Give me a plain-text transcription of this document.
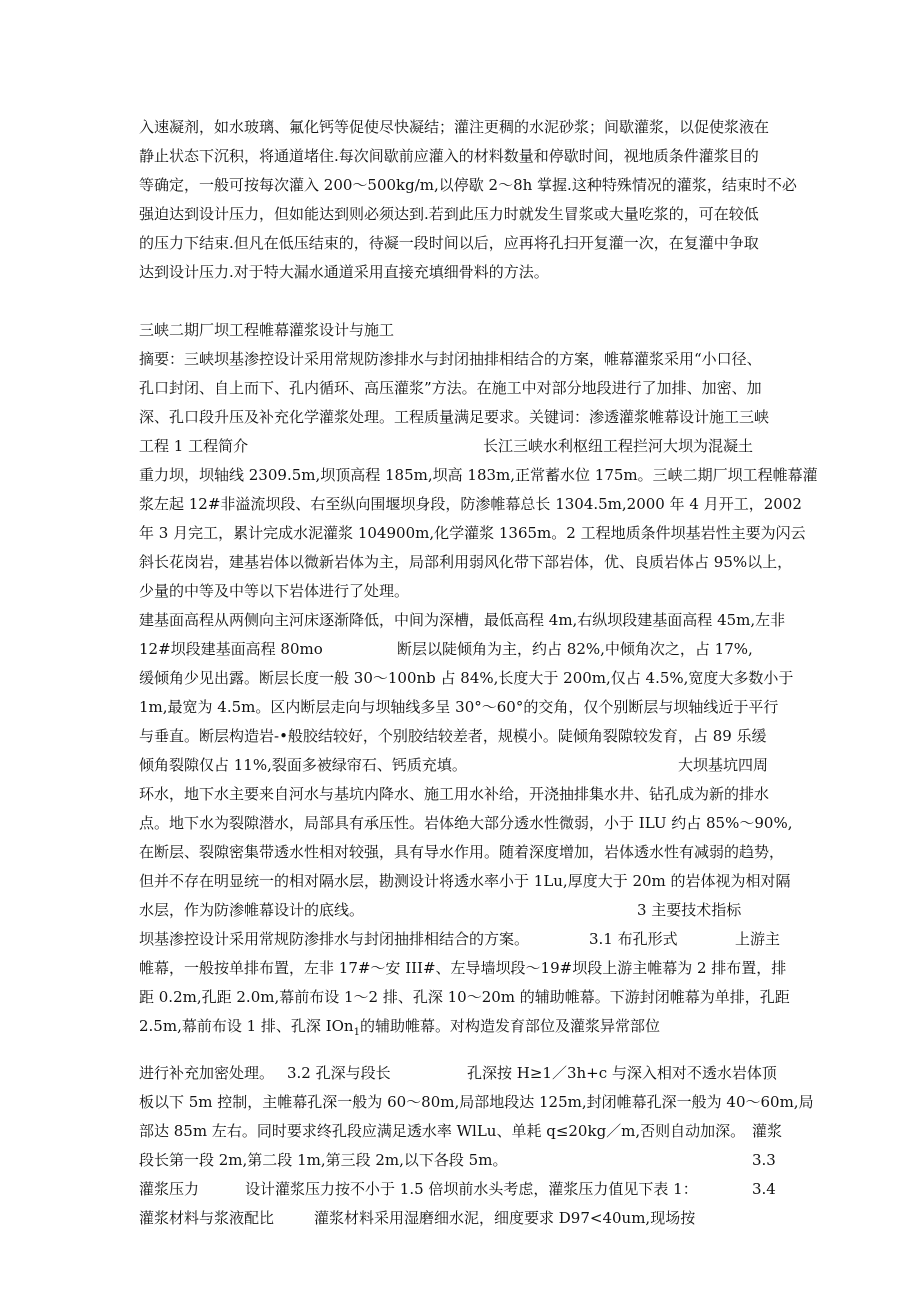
入速凝剂，如水玻璃、氟化钙等促使尽快凝结；灌注更稠的水泥砂浆；间歇灌浆，以促使浆液在
静止状态下沉积，将通道堵住.每次间歇前应灌入的材料数量和停歇时间，视地质条件灌浆目的
等确定，一般可按每次灌入 200～500kg/m,以停歇 2～8h 掌握.这种特殊情况的灌浆，结束时不必
强迫达到设计压力，但如能达到则必须达到.若到此压力时就发生冒浆或大量吃浆的，可在较低
的压力下结束.但凡在低压结束的，待凝一段时间以后，应再将孔扫开复灌一次，在复灌中争取
达到设计压力.对于特大漏水通道采用直接充填细骨料的方法。
三峡二期厂坝工程帷幕灌浆设计与施工
摘要：三峡坝基渗控设计采用常规防渗排水与封闭抽排相结合的方案，帷幕灌浆采用“小口径、
孔口封闭、自上而下、孔内循环、高压灌浆”方法。在施工中对部分地段进行了加排、加密、加
深、孔口段升压及补充化学灌浆处理。工程质量满足要求。关键词：渗透灌浆帷幕设计施工三峡
工程 1 工程简介	长江三峡水利枢纽工程拦河大坝为混凝土
重力坝，坝轴线 2309.5m,坝顶高程 185m,坝高 183m,正常蓄水位 175m。三峡二期厂坝工程帷幕灌
浆左起 12#非溢流坝段、右至纵向围堰坝身段，防渗帷幕总长 1304.5m,2000 年 4 月开工，2002
年 3 月完工，累计完成水泥灌浆 104900m,化学灌浆 1365m。2 工程地质条件坝基岩性主要为闪云
斜长花岗岩，建基岩体以微新岩体为主，局部利用弱风化带下部岩体，优、良质岩体占 95%以上，
少量的中等及中等以下岩体进行了处理。
建基面高程从两侧向主河床逐渐降低，中间为深槽，最低高程 4m,右纵坝段建基面高程 45m,左非
12#坝段建基面高程 80mo	断层以陡倾角为主，约占 82%,中倾角次之，占 17%,
缓倾角少见出露。断层长度一般 30～100nb 占 84%,长度大于 200m,仅占 4.5%,宽度大多数小于
1m,最宽为 4.5m。区内断层走向与坝轴线多呈 30°～60°的交角，仅个别断层与坝轴线近于平行
与垂直。断层构造岩-•般胶结较好，个别胶结较差者，规模小。陡倾角裂隙较发育，占 89 乐缓
倾角裂隙仅占 11%,裂面多被绿帘石、钙质充填。	大坝基坑四周
环水，地下水主要来自河水与基坑内降水、施工用水补给，开浇抽排集水井、钻孔成为新的排水
点。地下水为裂隙潜水，局部具有承压性。岩体绝大部分透水性微弱，小于 ILU 约占 85%～90%,
在断层、裂隙密集带透水性相对较强，具有导水作用。随着深度增加，岩体透水性有减弱的趋势，
但并不存在明显统一的相对隔水层，勘测设计将透水率小于 1Lu,厚度大于 20m 的岩体视为相对隔
水层，作为防渗帷幕设计的底线。	3 主要技术指标
坝基渗控设计采用常规防渗排水与封闭抽排相结合的方案。	3.1 布孔形式	上游主
帷幕，一般按单排布置，左非 17#～安 III#、左导墙坝段～19#坝段上游主帷幕为 2 排布置，排
距 0.2m,孔距 2.0m,幕前布设 1～2 排、孔深 10～20m 的辅助帷幕。下游封闭帷幕为单排，孔距
2.5m,幕前布设 1 排、孔深 IOn$_1$的辅助帷幕。对构造发育部位及灌浆异常部位
进行补充加密处理。 3.2 孔深与段长	孔深按 H≥1／3h+c 与深入相对不透水岩体顶
板以下 5m 控制，主帷幕孔深一般为 60～80m,局部地段达 125m,封闭帷幕孔深一般为 40～60m,局
部达 85m 左右。同时要求终孔段应满足透水率 WlLu、单耗 q≤20kg／m,否则自动加深。 灌浆
段长第一段 2m,第二段 1m,第三段 2m,以下各段 5m。	3.3
灌浆压力	设计灌浆压力按不小于 1.5 倍坝前水头考虑，灌浆压力值见下表 1：	3.4
灌浆材料与浆液配比	灌浆材料采用湿磨细水泥，细度要求 D97<40um,现场按
